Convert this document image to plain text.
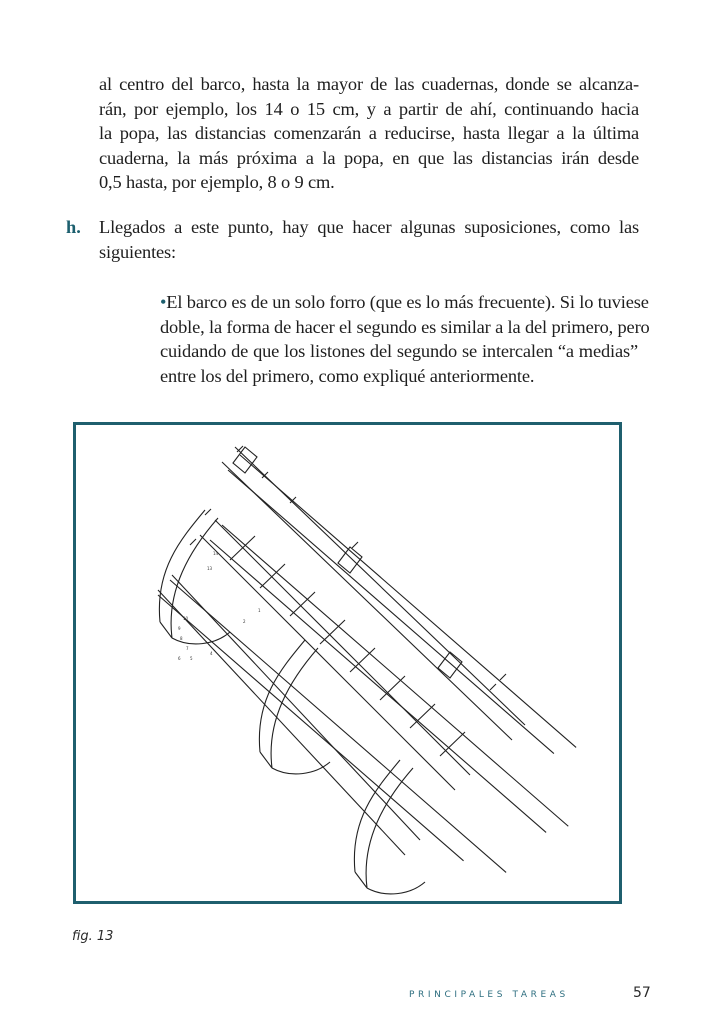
al centro del barco, hasta la mayor de las cuadernas, donde se alcanza-
rán, por ejemplo, los 14 o 15 cm, y a partir de ahí, continuando hacia
la popa, las distancias comenzarán a reducirse, hasta llegar a la última
cuaderna, la más próxima a la popa, en que las distancias irán desde
0,5 hasta, por ejemplo, 8 o 9 cm.
h. Llegados a este punto, hay que hacer algunas suposiciones, como las
siguientes:
•El barco es de un solo forro (que es lo más frecuente). Si lo tuviese
doble, la forma de hacer el segundo es similar a la del primero, pero
cuidando de que los listones del segundo se intercalen “a medias”
entre los del primero, como expliqué anteriormente.
14
13
10
9
8
7
6 5
4
2
1
fig. 13
PRINCIPALES TAREAS	57
